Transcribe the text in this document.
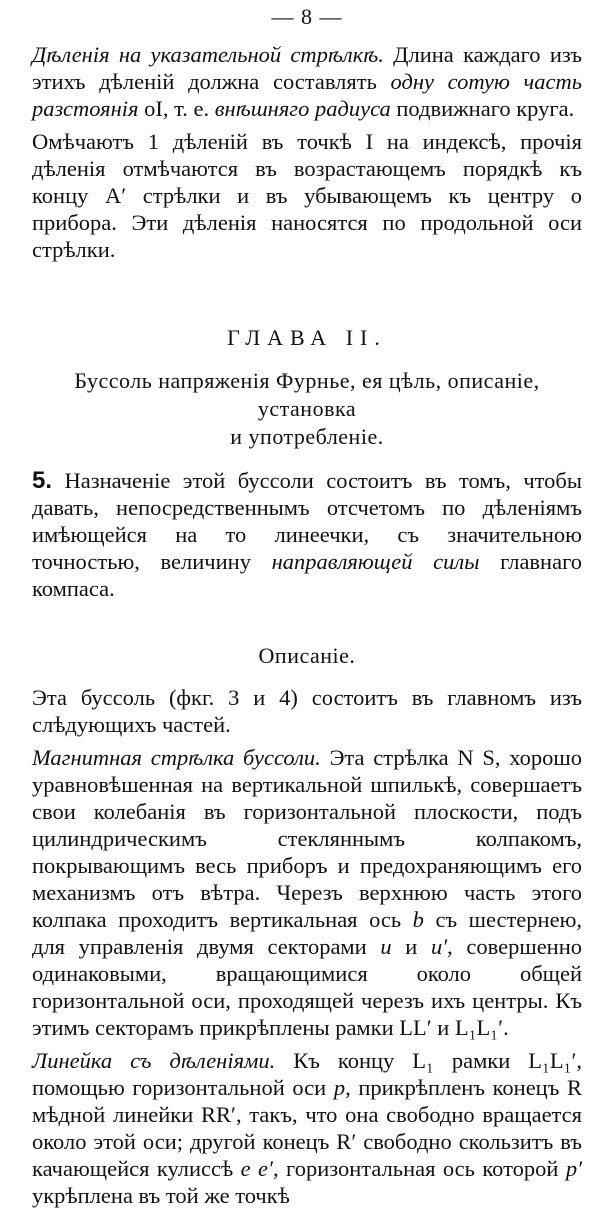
— 8 —

Дѣленія на указательной стрѣлкѣ. Длина каждаго изъ этихъ дѣленій должна составлять одну сотую часть разстоянія оI, т. е. внѣшняго радиуса подвижнаго круга.

Омѣчаютъ 1 дѣленій въ точкѣ I на индексѣ, прочія дѣленія отмѣчаются въ возрастающемъ порядкѣ къ концу A′ стрѣлки и въ убывающемъ къ центру о прибора. Эти дѣленія наносятся по продольной оси стрѣлки.

ГЛАВА II.

Буссоль напряженія Фурнье, ея цѣль, описаніе, установка

и употребленіе.

5. Назначеніе этой буссоли состоитъ въ томъ, чтобы давать, непосредственнымъ отсчетомъ по дѣленіямъ имѣющейся на то линеечки, съ значительною точностью, величину направляющей силы главнаго компаса.

Описаніе.

Эта буссоль (фкг. 3 и 4) состоитъ въ главномъ изъ слѣдующихъ частей.

Магнитная стрѣлка буссоли. Эта стрѣлка N S, хорошо уравновѣшенная на вертикальной шпилькѣ, совершаетъ свои колебанія въ горизонтальной плоскости, подъ цилиндрическимъ стекляннымъ колпакомъ, покрывающимъ весь приборъ и предохраняющимъ его механизмъ отъ вѣтра. Черезъ верхнюю часть этого колпака проходитъ вертикальная ось b съ шестернею, для управленія двумя секторами u и u′, совершенно одинаковыми, вращающимися около общей горизонтальной оси, проходящей черезъ ихъ центры. Къ этимъ секторамъ прикрѣплены рамки LL′ и L₁L₁′.

Линейка съ дѣленіями. Къ концу L₁ рамки L₁L₁′, помощью горизонтальной оси p, прикрѣпленъ конецъ R мѣдной линейки RR′, такъ, что она свободно вращается около этой оси; другой конецъ R′ свободно скользитъ въ качающейся кулиссѣ e e′, горизонтальная ось которой p′ укрѣплена въ той же точкѣ
